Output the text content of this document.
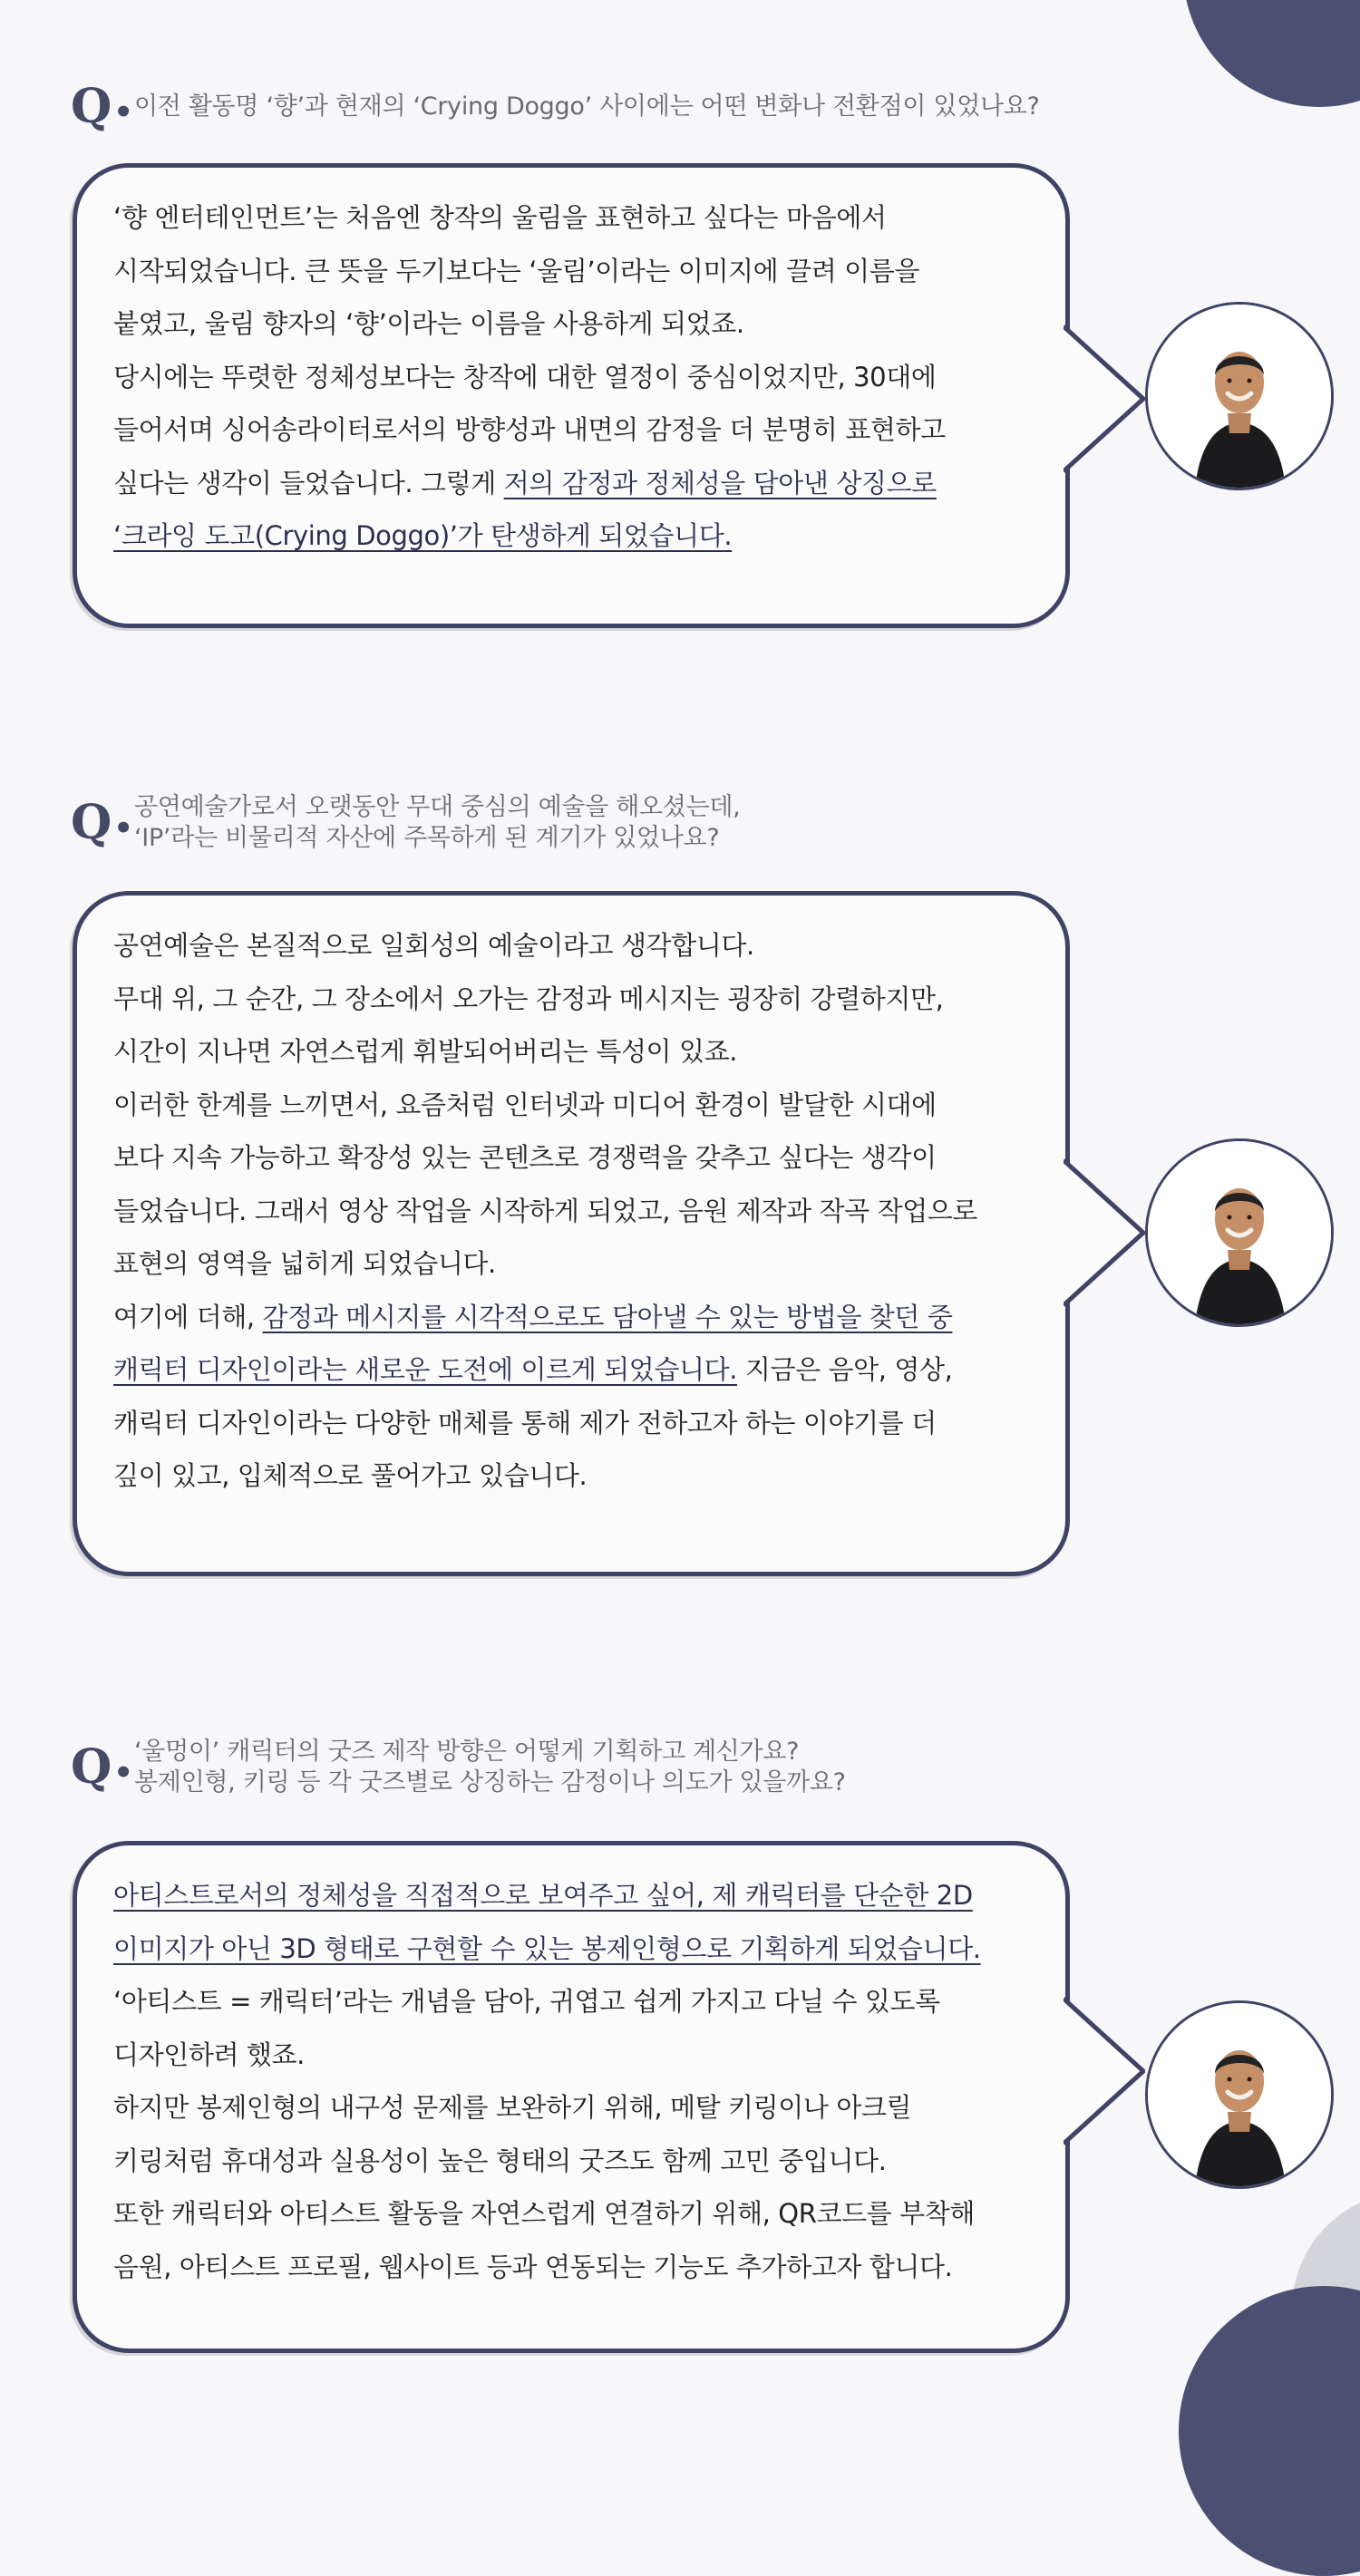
Q• 이전 활동명 ‘향’과 현재의 ‘Crying Doggo’ 사이에는 어떤 변화나 전환점이 있었나요?
‘향 엔터테인먼트’는 처음엔 창작의 울림을 표현하고 싶다는 마음에서
시작되었습니다. 큰 뜻을 두기보다는 ‘울림’이라는 이미지에 끌려 이름을
붙였고, 울림 향자의 ‘향’이라는 이름을 사용하게 되었죠.
당시에는 뚜렷한 정체성보다는 창작에 대한 열정이 중심이었지만, 30대에
들어서며 싱어송라이터로서의 방향성과 내면의 감정을 더 분명히 표현하고
싶다는 생각이 들었습니다. 그렇게 저의 감정과 정체성을 담아낸 상징으로
‘크라잉 도고(Crying Doggo)’가 탄생하게 되었습니다.
Q•
공연예술가로서 오랫동안 무대 중심의 예술을 해오셨는데,
‘IP’라는 비물리적 자산에 주목하게 된 계기가 있었나요?
공연예술은 본질적으로 일회성의 예술이라고 생각합니다.
무대 위, 그 순간, 그 장소에서 오가는 감정과 메시지는 굉장히 강렬하지만,
시간이 지나면 자연스럽게 휘발되어버리는 특성이 있죠.
이러한 한계를 느끼면서, 요즘처럼 인터넷과 미디어 환경이 발달한 시대에
보다 지속 가능하고 확장성 있는 콘텐츠로 경쟁력을 갖추고 싶다는 생각이
들었습니다. 그래서 영상 작업을 시작하게 되었고, 음원 제작과 작곡 작업으로
표현의 영역을 넓히게 되었습니다.
여기에 더해, 감정과 메시지를 시각적으로도 담아낼 수 있는 방법을 찾던 중
캐릭터 디자인이라는 새로운 도전에 이르게 되었습니다. 지금은 음악, 영상,
캐릭터 디자인이라는 다양한 매체를 통해 제가 전하고자 하는 이야기를 더
깊이 있고, 입체적으로 풀어가고 있습니다.
Q•
‘울멍이’ 캐릭터의 굿즈 제작 방향은 어떻게 기획하고 계신가요?
봉제인형, 키링 등 각 굿즈별로 상징하는 감정이나 의도가 있을까요?
아티스트로서의 정체성을 직접적으로 보여주고 싶어, 제 캐릭터를 단순한 2D
이미지가 아닌 3D 형태로 구현할 수 있는 봉제인형으로 기획하게 되었습니다.
‘아티스트 = 캐릭터’라는 개념을 담아, 귀엽고 쉽게 가지고 다닐 수 있도록
디자인하려 했죠.
하지만 봉제인형의 내구성 문제를 보완하기 위해, 메탈 키링이나 아크릴
키링처럼 휴대성과 실용성이 높은 형태의 굿즈도 함께 고민 중입니다.
또한 캐릭터와 아티스트 활동을 자연스럽게 연결하기 위해, QR코드를 부착해
음원, 아티스트 프로필, 웹사이트 등과 연동되는 기능도 추가하고자 합니다.
